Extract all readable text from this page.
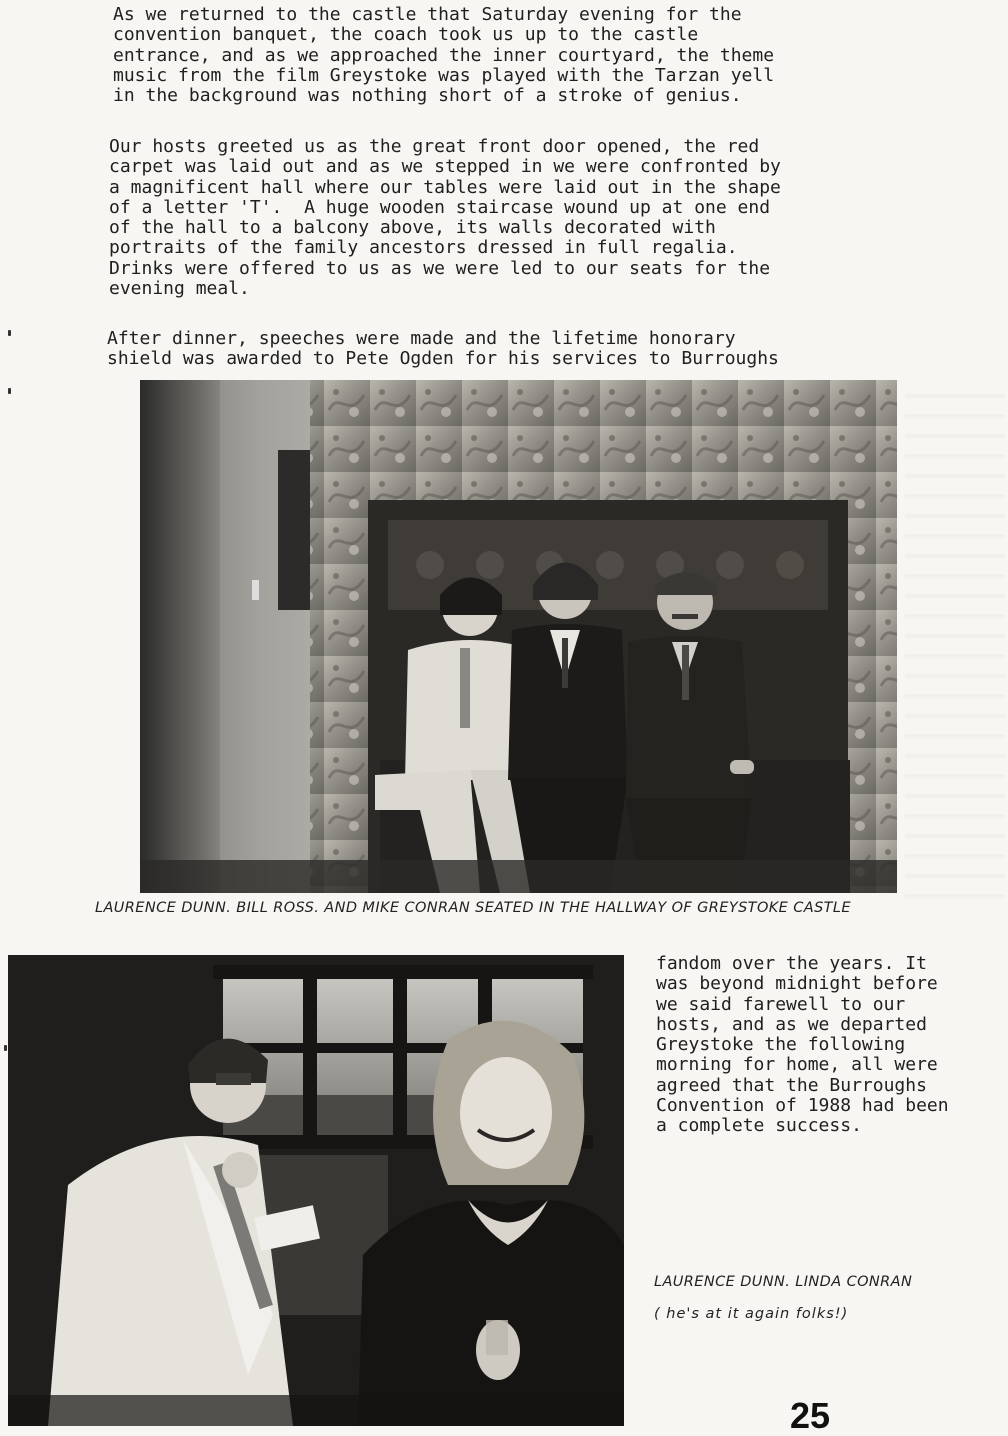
As we returned to the castle that Saturday evening for the
convention banquet, the coach took us up to the castle
entrance, and as we approached the inner courtyard, the theme
music from the film Greystoke was played with the Tarzan yell
in the background was nothing short of a stroke of genius.
Our hosts greeted us as the great front door opened, the red
carpet was laid out and as we stepped in we were confronted by
a magnificent hall where our tables were laid out in the shape
of a letter 'T'.  A huge wooden staircase wound up at one end
of the hall to a balcony above, its walls decorated with
portraits of the family ancestors dressed in full regalia.
Drinks were offered to us as we were led to our seats for the
evening meal.
After dinner, speeches were made and the lifetime honorary
shield was awarded to Pete Ogden for his services to Burroughs

LAURENCE DUNN. BILL ROSS. AND MIKE CONRAN SEATED IN THE HALLWAY OF GREYSTOKE CASTLE

fandom over the years. It
was beyond midnight before
we said farewell to our
hosts, and as we departed
Greystoke the following
morning for home, all were
agreed that the Burroughs
Convention of 1988 had been
a complete success.

LAURENCE DUNN. LINDA CONRAN

( he's at it again folks!)

25
